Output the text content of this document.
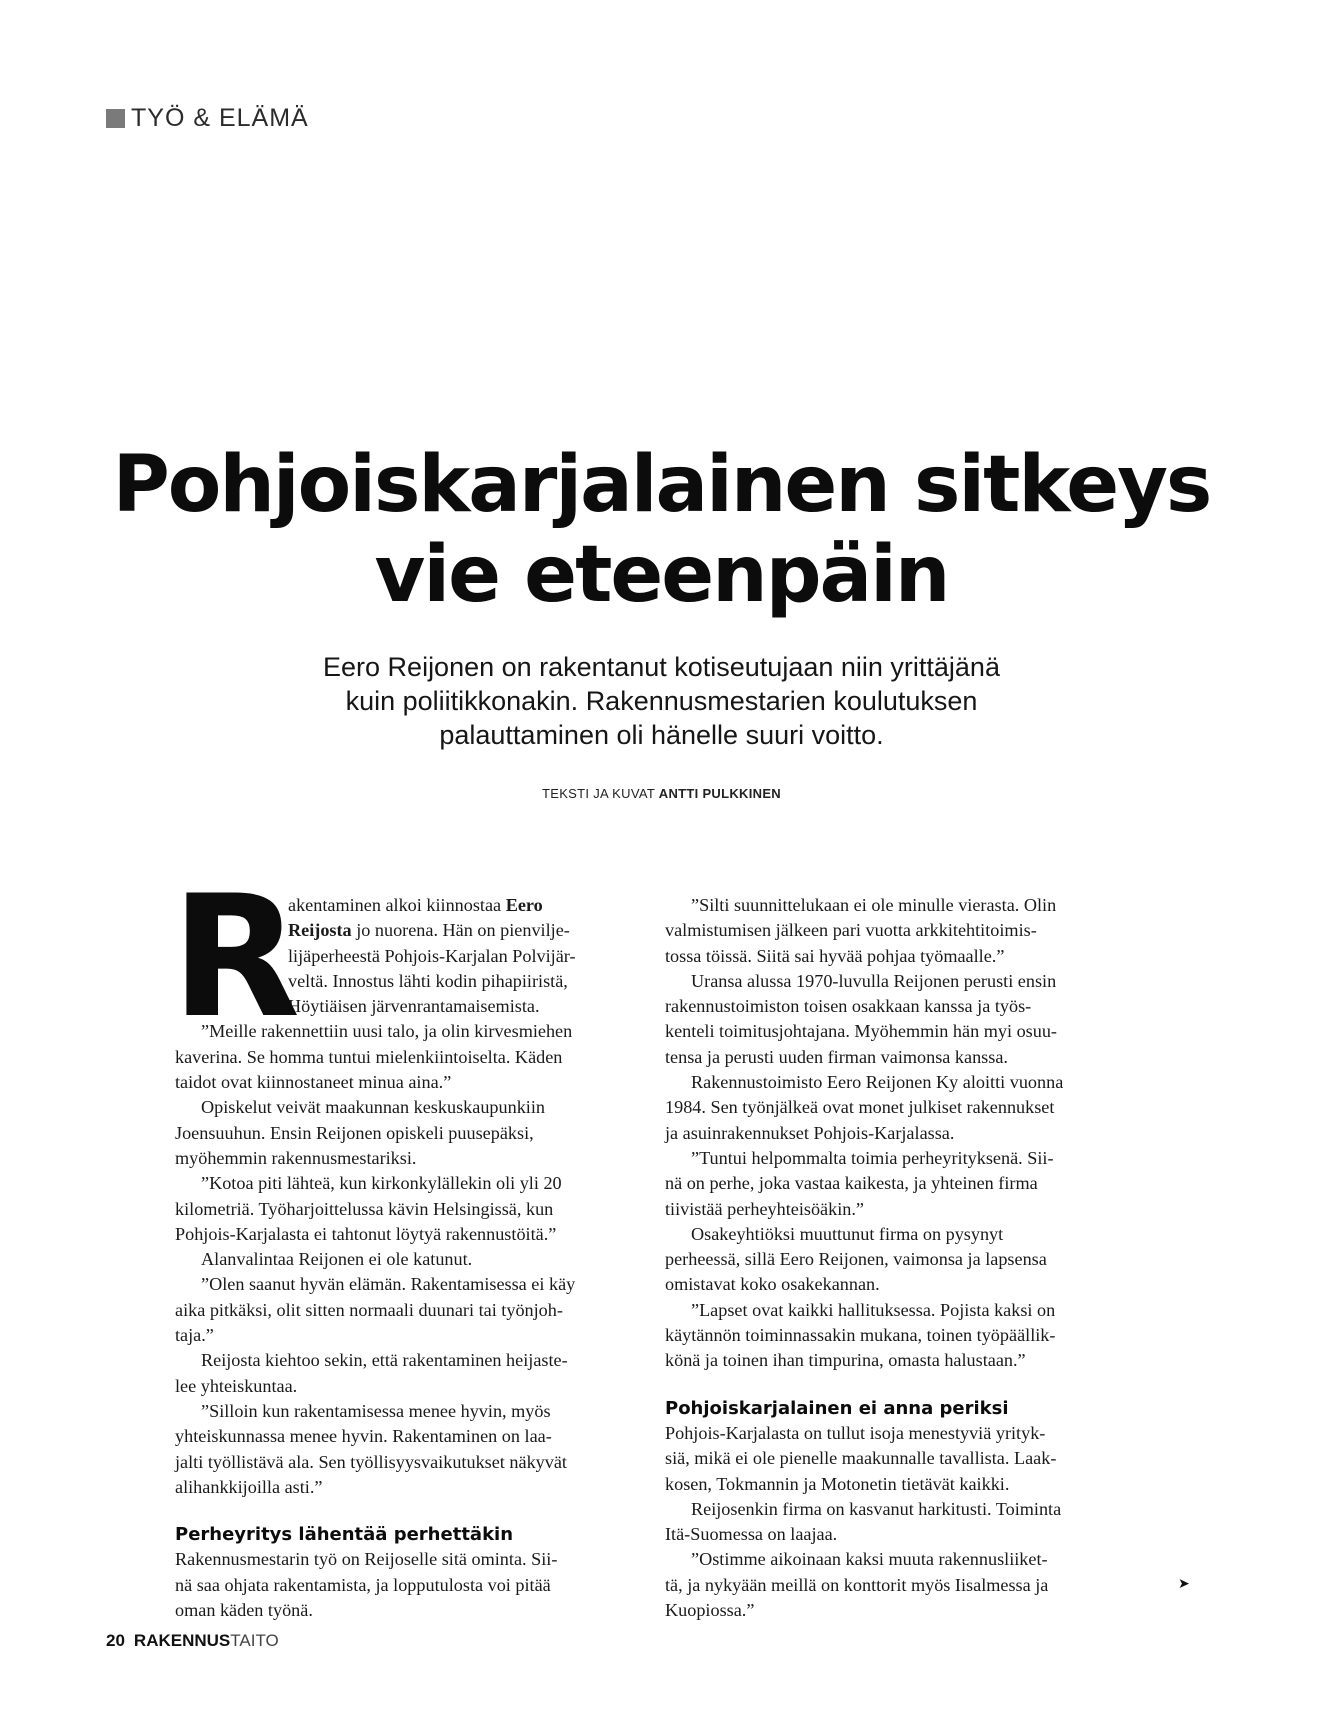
TYÖ & ELÄMÄ
Pohjoiskarjalainen sitkeys
vie eteenpäin
Eero Reijonen on rakentanut kotiseutujaan niin yrittäjänä
kuin poliitikkonakin. Rakennusmestarien koulutuksen
palauttaminen oli hänelle suuri voitto.
TEKSTI JA KUVAT ANTTI PULKKINEN
R
akentaminen alkoi kiinnostaa Eero
Reijosta jo nuorena. Hän on pienvilje-
lijäperheestä Pohjois-Karjalan Polvijär-
veltä. Innostus lähti kodin pihapiiristä,
Höytiäisen järvenrantamaisemista.
”Meille rakennettiin uusi talo, ja olin kirvesmiehen
kaverina. Se homma tuntui mielenkiintoiselta. Käden
taidot ovat kiinnostaneet minua aina.”
Opiskelut veivät maakunnan keskuskaupunkiin
Joensuuhun. Ensin Reijonen opiskeli puusepäksi,
myöhemmin rakennusmestariksi.
”Kotoa piti lähteä, kun kirkonkylällekin oli yli 20
kilometriä. Työharjoittelussa kävin Helsingissä, kun
Pohjois-Karjalasta ei tahtonut löytyä rakennustöitä.”
Alanvalintaa Reijonen ei ole katunut.
”Olen saanut hyvän elämän. Rakentamisessa ei käy
aika pitkäksi, olit sitten normaali duunari tai työnjoh-
taja.”
Reijosta kiehtoo sekin, että rakentaminen heijaste-
lee yhteiskuntaa.
”Silloin kun rakentamisessa menee hyvin, myös
yhteiskunnassa menee hyvin. Rakentaminen on laa-
jalti työllistävä ala. Sen työllisyysvaikutukset näkyvät
alihankkijoilla asti.”
Perheyritys lähentää perhettäkin
Rakennusmestarin työ on Reijoselle sitä ominta. Sii-
nä saa ohjata rakentamista, ja lopputulosta voi pitää
oman käden työnä.
”Silti suunnittelukaan ei ole minulle vierasta. Olin
valmistumisen jälkeen pari vuotta arkkitehtitoimis-
tossa töissä. Siitä sai hyvää pohjaa työmaalle.”
Uransa alussa 1970-luvulla Reijonen perusti ensin
rakennustoimiston toisen osakkaan kanssa ja työs-
kenteli toimitusjohtajana. Myöhemmin hän myi osuu-
tensa ja perusti uuden firman vaimonsa kanssa.
Rakennustoimisto Eero Reijonen Ky aloitti vuonna
1984. Sen työnjälkeä ovat monet julkiset rakennukset
ja asuinrakennukset Pohjois-Karjalassa.
”Tuntui helpommalta toimia perheyrityksenä. Sii-
nä on perhe, joka vastaa kaikesta, ja yhteinen firma
tiivistää perheyhteisöäkin.”
Osakeyhtiöksi muuttunut firma on pysynyt
perheessä, sillä Eero Reijonen, vaimonsa ja lapsensa
omistavat koko osakekannan.
”Lapset ovat kaikki hallituksessa. Pojista kaksi on
käytännön toiminnassakin mukana, toinen työpäällik-
könä ja toinen ihan timpurina, omasta halustaan.”
Pohjoiskarjalainen ei anna periksi
Pohjois-Karjalasta on tullut isoja menestyviä yrityk-
siä, mikä ei ole pienelle maakunnalle tavallista. Laak-
kosen, Tokmannin ja Motonetin tietävät kaikki.
Reijosenkin firma on kasvanut harkitusti. Toiminta
Itä-Suomessa on laajaa.
”Ostimme aikoinaan kaksi muuta rakennusliiket-
tä, ja nykyään meillä on konttorit myös Iisalmessa ja
Kuopiossa.”
➤
20 RAKENNUSTAITO
